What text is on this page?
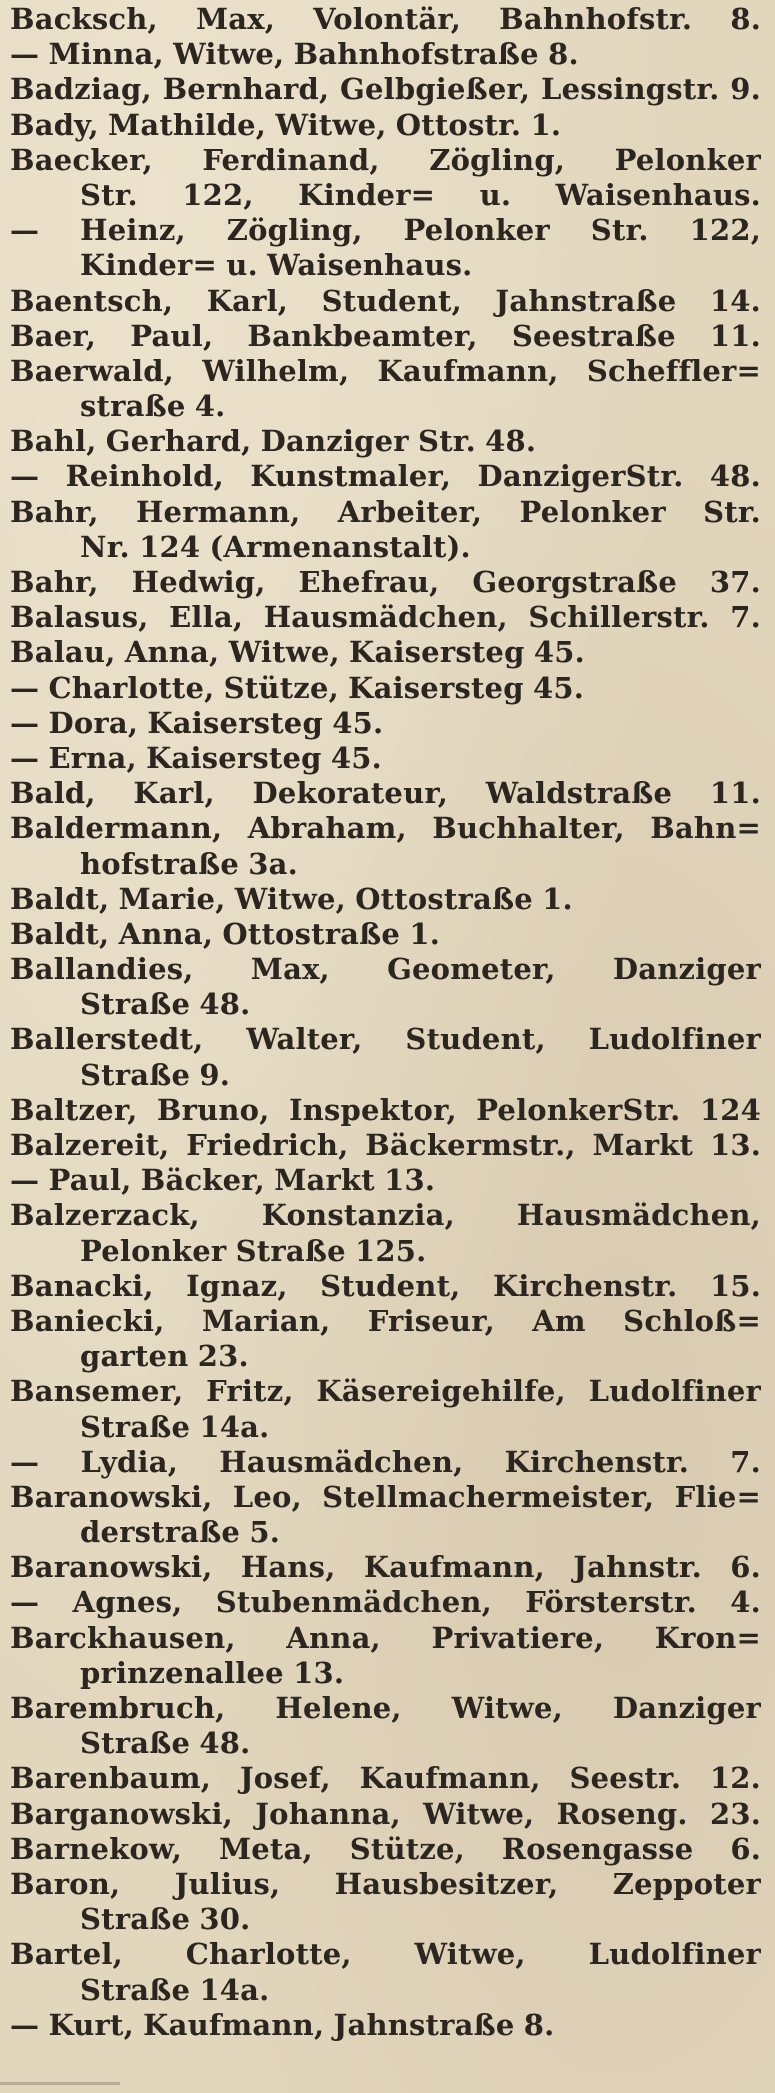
Backsch, Max, Volontär, Bahnhofstr. 8.
— Minna, Witwe, Bahnhofstraße 8.
Badziag, Bernhard, Gelbgießer, Lessingstr. 9.
Bady, Mathilde, Witwe, Ottostr. 1.
Baecker, Ferdinand, Zögling, Pelonker
Str. 122, Kinder= u. Waisenhaus.
— Heinz, Zögling, Pelonker Str. 122,
Kinder= u. Waisenhaus.
Baentsch, Karl, Student, Jahnstraße 14.
Baer, Paul, Bankbeamter, Seestraße 11.
Baerwald, Wilhelm, Kaufmann, Scheffler=
straße 4.
Bahl, Gerhard, Danziger Str. 48.
— Reinhold, Kunstmaler, DanzigerStr. 48.
Bahr, Hermann, Arbeiter, Pelonker Str.
Nr. 124 (Armenanstalt).
Bahr, Hedwig, Ehefrau, Georgstraße 37.
Balasus, Ella, Hausmädchen, Schillerstr. 7.
Balau, Anna, Witwe, Kaisersteg 45.
— Charlotte, Stütze, Kaisersteg 45.
— Dora, Kaisersteg 45.
— Erna, Kaisersteg 45.
Bald, Karl, Dekorateur, Waldstraße 11.
Baldermann, Abraham, Buchhalter, Bahn=
hofstraße 3a.
Baldt, Marie, Witwe, Ottostraße 1.
Baldt, Anna, Ottostraße 1.
Ballandies, Max, Geometer, Danziger
Straße 48.
Ballerstedt, Walter, Student, Ludolfiner
Straße 9.
Baltzer, Bruno, Inspektor, PelonkerStr. 124
Balzereit, Friedrich, Bäckermstr., Markt 13.
— Paul, Bäcker, Markt 13.
Balzerzack, Konstanzia, Hausmädchen,
Pelonker Straße 125.
Banacki, Ignaz, Student, Kirchenstr. 15.
Baniecki, Marian, Friseur, Am Schloß=
garten 23.
Bansemer, Fritz, Käsereigehilfe, Ludolfiner
Straße 14a.
— Lydia, Hausmädchen, Kirchenstr. 7.
Baranowski, Leo, Stellmachermeister, Flie=
derstraße 5.
Baranowski, Hans, Kaufmann, Jahnstr. 6.
— Agnes, Stubenmädchen, Försterstr. 4.
Barckhausen, Anna, Privatiere, Kron=
prinzenallee 13.
Barembruch, Helene, Witwe, Danziger
Straße 48.
Barenbaum, Josef, Kaufmann, Seestr. 12.
Barganowski, Johanna, Witwe, Roseng. 23.
Barnekow, Meta, Stütze, Rosengasse 6.
Baron, Julius, Hausbesitzer, Zeppoter
Straße 30.
Bartel, Charlotte, Witwe, Ludolfiner
Straße 14a.
— Kurt, Kaufmann, Jahnstraße 8.
